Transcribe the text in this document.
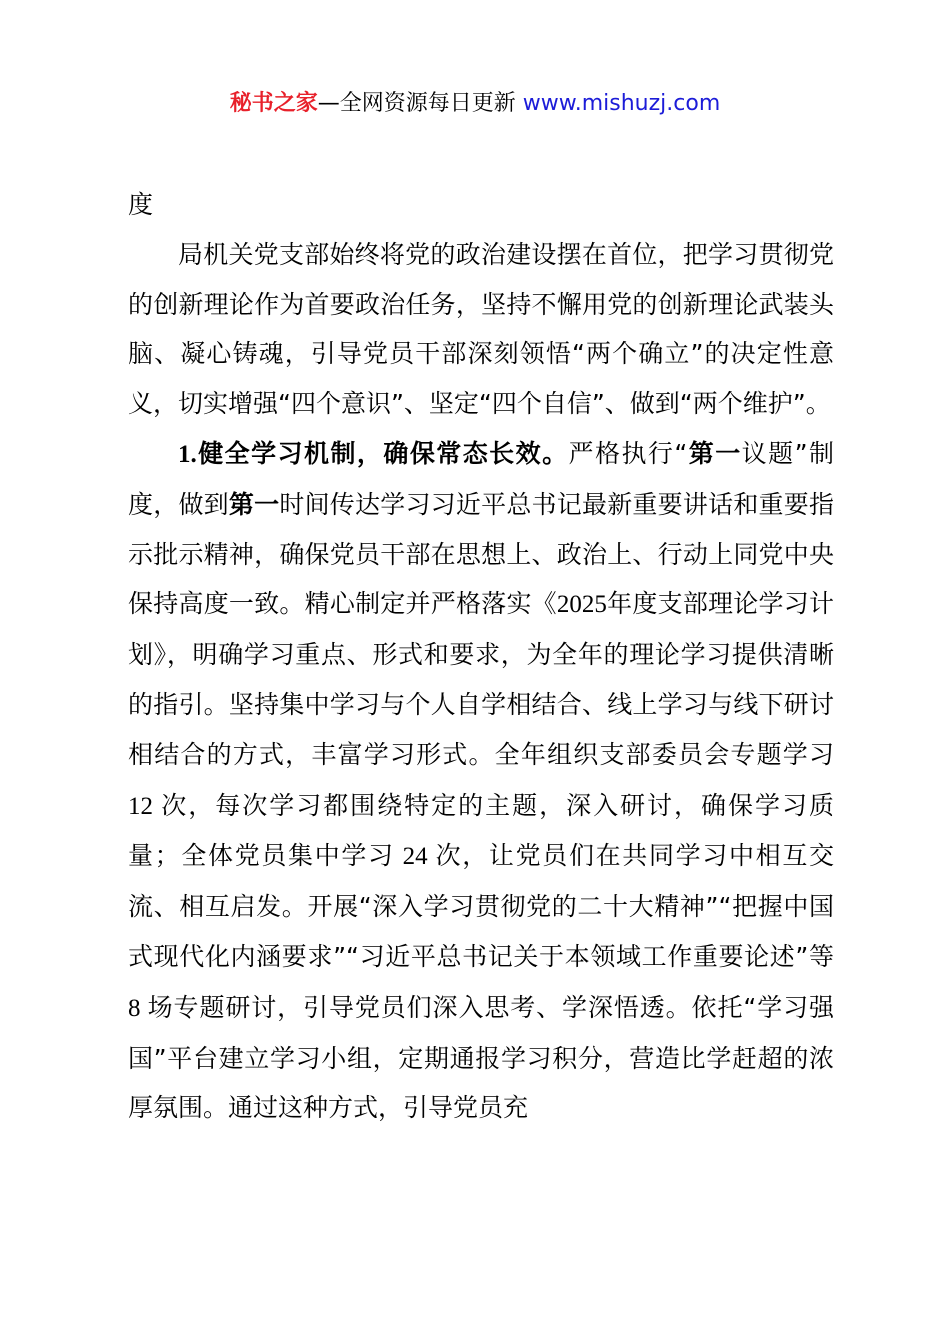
秘书之家—全网资源每日更新 www.mishuzj.com

度

局机关党支部始终将党的政治建设摆在首位，把学习贯彻党的创新理论作为首要政治任务，坚持不懈用党的创新理论武装头脑、凝心铸魂，引导党员干部深刻领悟“两个确立”的决定性意义，切实增强“四个意识”、坚定“四个自信”、做到“两个维护”。

1.健全学习机制，确保常态长效。严格执行“第一议题”制度，做到第一时间传达学习习近平总书记最新重要讲话和重要指示批示精神，确保党员干部在思想上、政治上、行动上同党中央保持高度一致。精心制定并严格落实《2025年度支部理论学习计划》，明确学习重点、形式和要求，为全年的理论学习提供清晰的指引。坚持集中学习与个人自学相结合、线上学习与线下研讨相结合的方式，丰富学习形式。全年组织支部委员会专题学习 12 次，每次学习都围绕特定的主题，深入研讨，确保学习质量；全体党员集中学习 24 次，让党员们在共同学习中相互交流、相互启发。开展“深入学习贯彻党的二十大精神”“把握中国式现代化内涵要求”“习近平总书记关于本领域工作重要论述”等 8 场专题研讨，引导党员们深入思考、学深悟透。依托“学习强国”平台建立学习小组，定期通报学习积分，营造比学赶超的浓厚氛围。通过这种方式，引导党员充
